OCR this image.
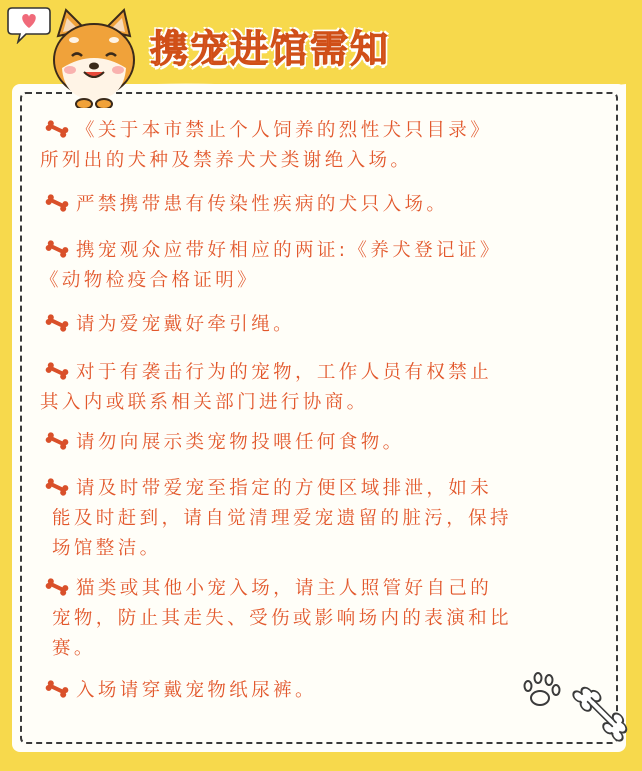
携宠进馆需知
《关于本市禁止个人饲养的烈性犬只目录》
所列出的犬种及禁养犬犬类谢绝入场。
严禁携带患有传染性疾病的犬只入场。
携宠观众应带好相应的两证:《养犬登记证》
《动物检疫合格证明》
请为爱宠戴好牵引绳。
对于有袭击行为的宠物，工作人员有权禁止
其入内或联系相关部门进行协商。
请勿向展示类宠物投喂任何食物。
请及时带爱宠至指定的方便区域排泄，如未
能及时赶到，请自觉清理爱宠遗留的脏污，保持
场馆整洁。
猫类或其他小宠入场，请主人照管好自己的
宠物，防止其走失、受伤或影响场内的表演和比
赛。
入场请穿戴宠物纸尿裤。
